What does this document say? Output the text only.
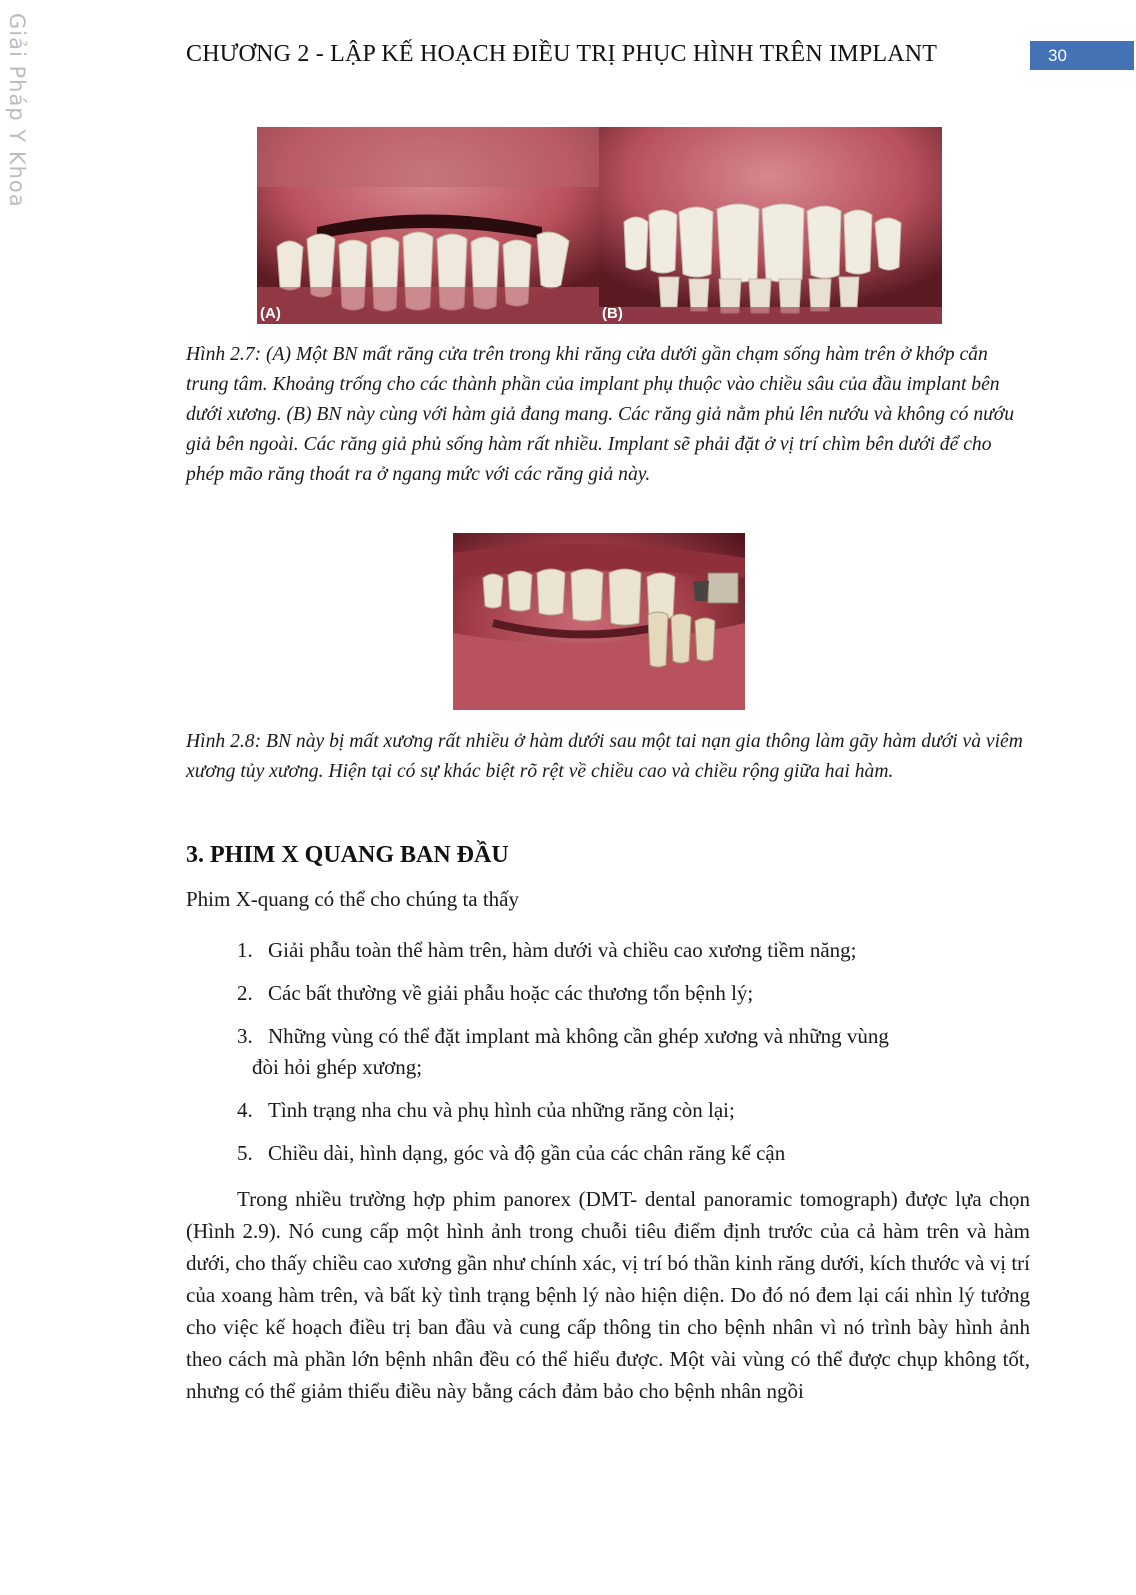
Giải Pháp Y Khoa	CHƯƠNG 2 - LẬP KẾ HOẠCH ĐIỀU TRỊ PHỤC HÌNH TRÊN IMPLANT	30
(A)	(B)

Hình 2.7: (A) Một BN mất răng cửa trên trong khi răng cửa dưới gần chạm sống hàm trên ở khớp cắn trung tâm. Khoảng trống cho các thành phần của implant phụ thuộc vào chiều sâu của đầu implant bên dưới xương. (B) BN này cùng với hàm giả đang mang. Các răng giả nằm phủ lên nướu và không có nướu giả bên ngoài. Các răng giả phủ sống hàm rất nhiều. Implant sẽ phải đặt ở vị trí chìm bên dưới để cho phép mão răng thoát ra ở ngang mức với các răng giả này.

Hình 2.8: BN này bị mất xương rất nhiều ở hàm dưới sau một tai nạn gia thông làm gãy hàm dưới và viêm xương tủy xương. Hiện tại có sự khác biệt rõ rệt về chiều cao và chiều rộng giữa hai hàm.

3. PHIM X QUANG BAN ĐẦU

Phim X-quang có thể cho chúng ta thấy

1. Giải phẫu toàn thể hàm trên, hàm dưới và chiều cao xương tiềm năng;
2. Các bất thường về giải phẫu hoặc các thương tổn bệnh lý;
3. Những vùng có thể đặt implant mà không cần ghép xương và những vùng
đòi hỏi ghép xương;
4. Tình trạng nha chu và phụ hình của những răng còn lại;
5. Chiều dài, hình dạng, góc và độ gần của các chân răng kế cận

Trong nhiều trường hợp phim panorex (DMT- dental panoramic tomograph) được lựa chọn (Hình 2.9). Nó cung cấp một hình ảnh trong chuỗi tiêu điểm định trước của cả hàm trên và hàm dưới, cho thấy chiều cao xương gần như chính xác, vị trí bó thần kinh răng dưới, kích thước và vị trí của xoang hàm trên, và bất kỳ tình trạng bệnh lý nào hiện diện. Do đó nó đem lại cái nhìn lý tưởng cho việc kế hoạch điều trị ban đầu và cung cấp thông tin cho bệnh nhân vì nó trình bày hình ảnh theo cách mà phần lớn bệnh nhân đều có thể hiểu được. Một vài vùng có thể được chụp không tốt, nhưng có thể giảm thiểu điều này bằng cách đảm bảo cho bệnh nhân ngồi
